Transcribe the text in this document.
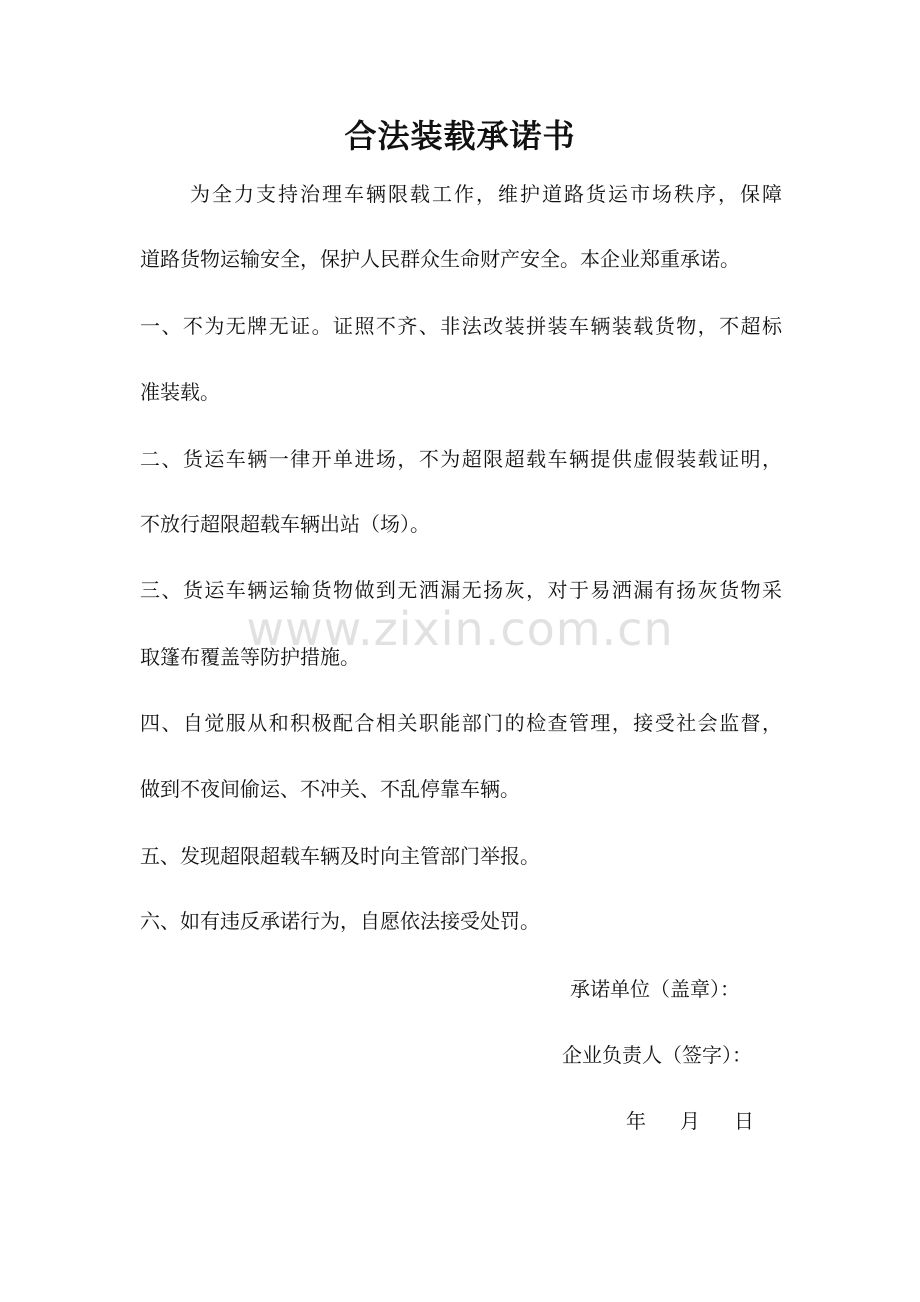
合法装载承诺书
为全力支持治理车辆限载工作，维护道路货运市场秩序，保障
道路货物运输安全，保护人民群众生命财产安全。本企业郑重承诺。
一、不为无牌无证。证照不齐、非法改装拼装车辆装载货物，不超标
准装载。
二、货运车辆一律开单进场，不为超限超载车辆提供虚假装载证明，
不放行超限超载车辆出站（场）。
三、货运车辆运输货物做到无洒漏无扬灰，对于易洒漏有扬灰货物采
取篷布覆盖等防护措施。
四、自觉服从和积极配合相关职能部门的检查管理，接受社会监督，
做到不夜间偷运、不冲关、不乱停靠车辆。
五、发现超限超载车辆及时向主管部门举报。
六、如有违反承诺行为，自愿依法接受处罚。
承诺单位（盖章）：
企业负责人（签字）：
年 月 日
www.zixin.com.cn
